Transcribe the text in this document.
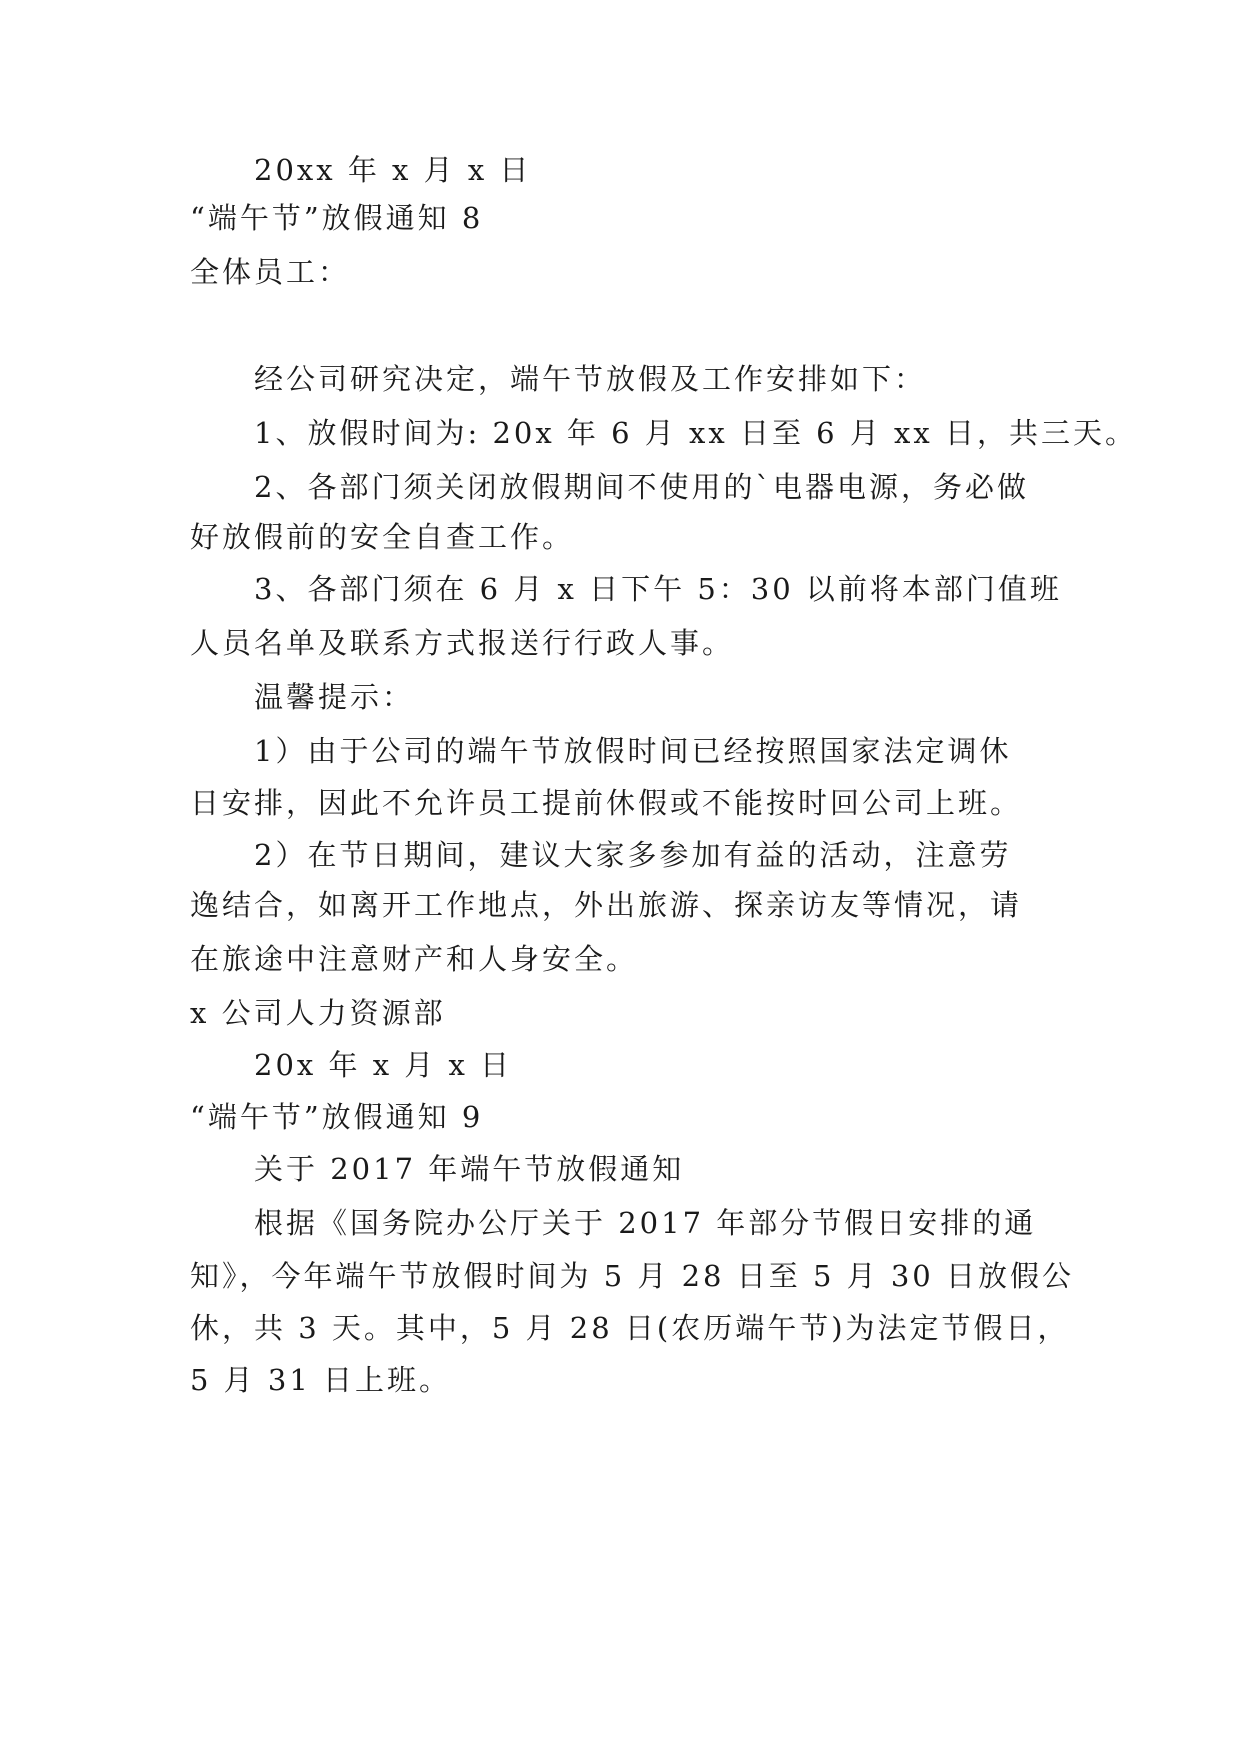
20xx 年 x 月 x 日
“端午节”放假通知 8
全体员工：
经公司研究决定，端午节放假及工作安排如下：
1、放假时间为: 20x 年 6 月 xx 日至 6 月 xx 日，共三天。
2、各部门须关闭放假期间不使用的`电器电源，务必做
好放假前的安全自查工作。
3、各部门须在 6 月 x 日下午 5：30 以前将本部门值班
人员名单及联系方式报送行行政人事。
温馨提示：
1）由于公司的端午节放假时间已经按照国家法定调休
日安排，因此不允许员工提前休假或不能按时回公司上班。
2）在节日期间，建议大家多参加有益的活动，注意劳
逸结合，如离开工作地点，外出旅游、探亲访友等情况，请
在旅途中注意财产和人身安全。
x 公司人力资源部
20x 年 x 月 x 日
“端午节”放假通知 9
关于 2017 年端午节放假通知
根据《国务院办公厅关于 2017 年部分节假日安排的通
知》，今年端午节放假时间为 5 月 28 日至 5 月 30 日放假公
休，共 3 天。其中，5 月 28 日(农历端午节)为法定节假日，
5 月 31 日上班。
